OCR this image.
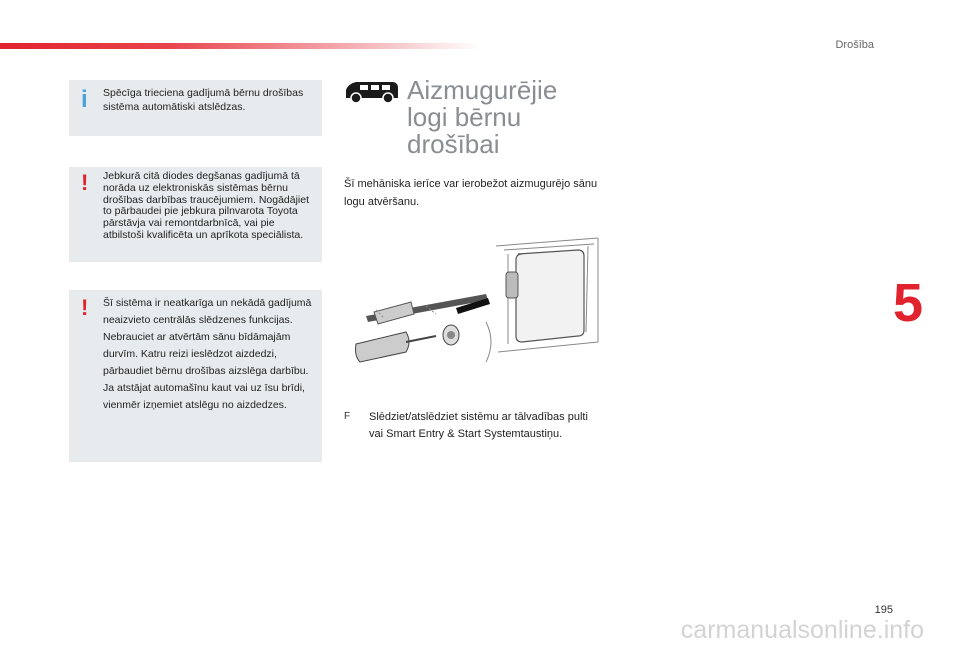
Drošība
i Spēcīga trieciena gadījumā bērnu drošības sistēma automātiski atslēdzas.
! Jebkurā citā diodes degšanas gadījumā tā norāda uz elektroniskās sistēmas bērnu drošības darbības traucējumiem. Nogādājiet to pārbaudei pie jebkura pilnvarota Toyota pārstāvja vai remontdarbnīcā, vai pie atbilstoši kvalificēta un aprīkota speciālista.
! Šī sistēma ir neatkarīga un nekādā gadījumā neaizvieto centrālās slēdzenes funkcijas. Nebrauciet ar atvērtām sānu bīdāmajām durvīm. Katru reizi ieslēdzot aizdedzi, pārbaudiet bērnu drošības aizslēga darbību. Ja atstājat automašīnu kaut vai uz īsu brīdi, vienmēr izņemiet atslēgu no aizdedzes.
Aizmugurējie logi bērnu drošībai
Šī mehāniska ierīce var ierobežot aizmugurējo sānu logu atvēršanu.
F Slēdziet/atslēdziet sistēmu ar tālvadības pulti vai Smart Entry & Start Systemtaustiņu.
5
195
carmanualsonline.info
